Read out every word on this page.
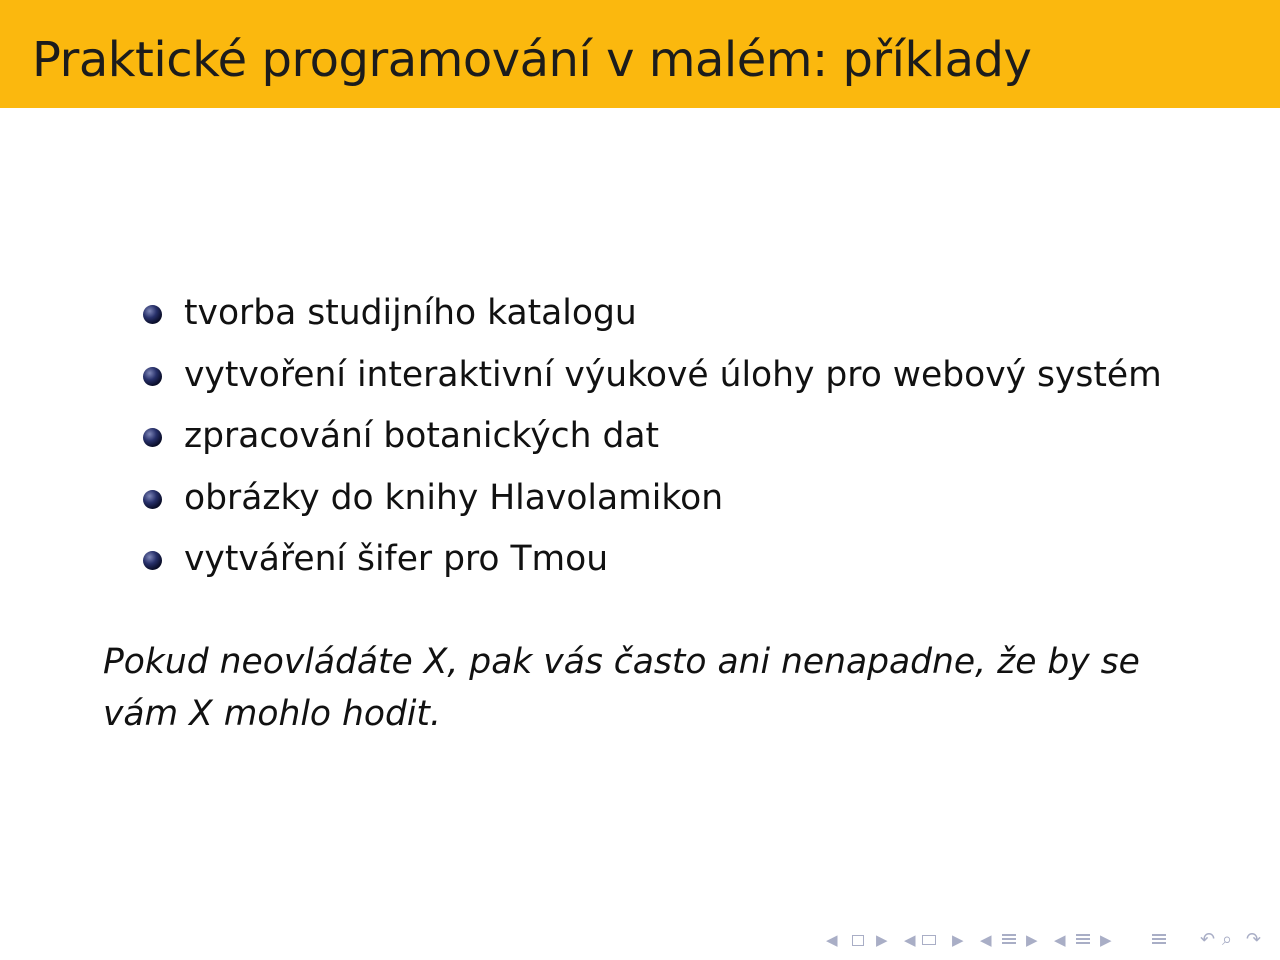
Praktické programování v malém: příklady
tvorba studijního katalogu
vytvoření interaktivní výukové úlohy pro webový systém
zpracování botanických dat
obrázky do knihy Hlavolamikon
vytváření šifer pro Tmou
Pokud neovládáte X, pak vás často ani nenapadne, že by se vám X mohlo hodit.
◀	▶ ◀ ▶ ◀ ▶ ◀ ▶	↶ ⌕ ↷
